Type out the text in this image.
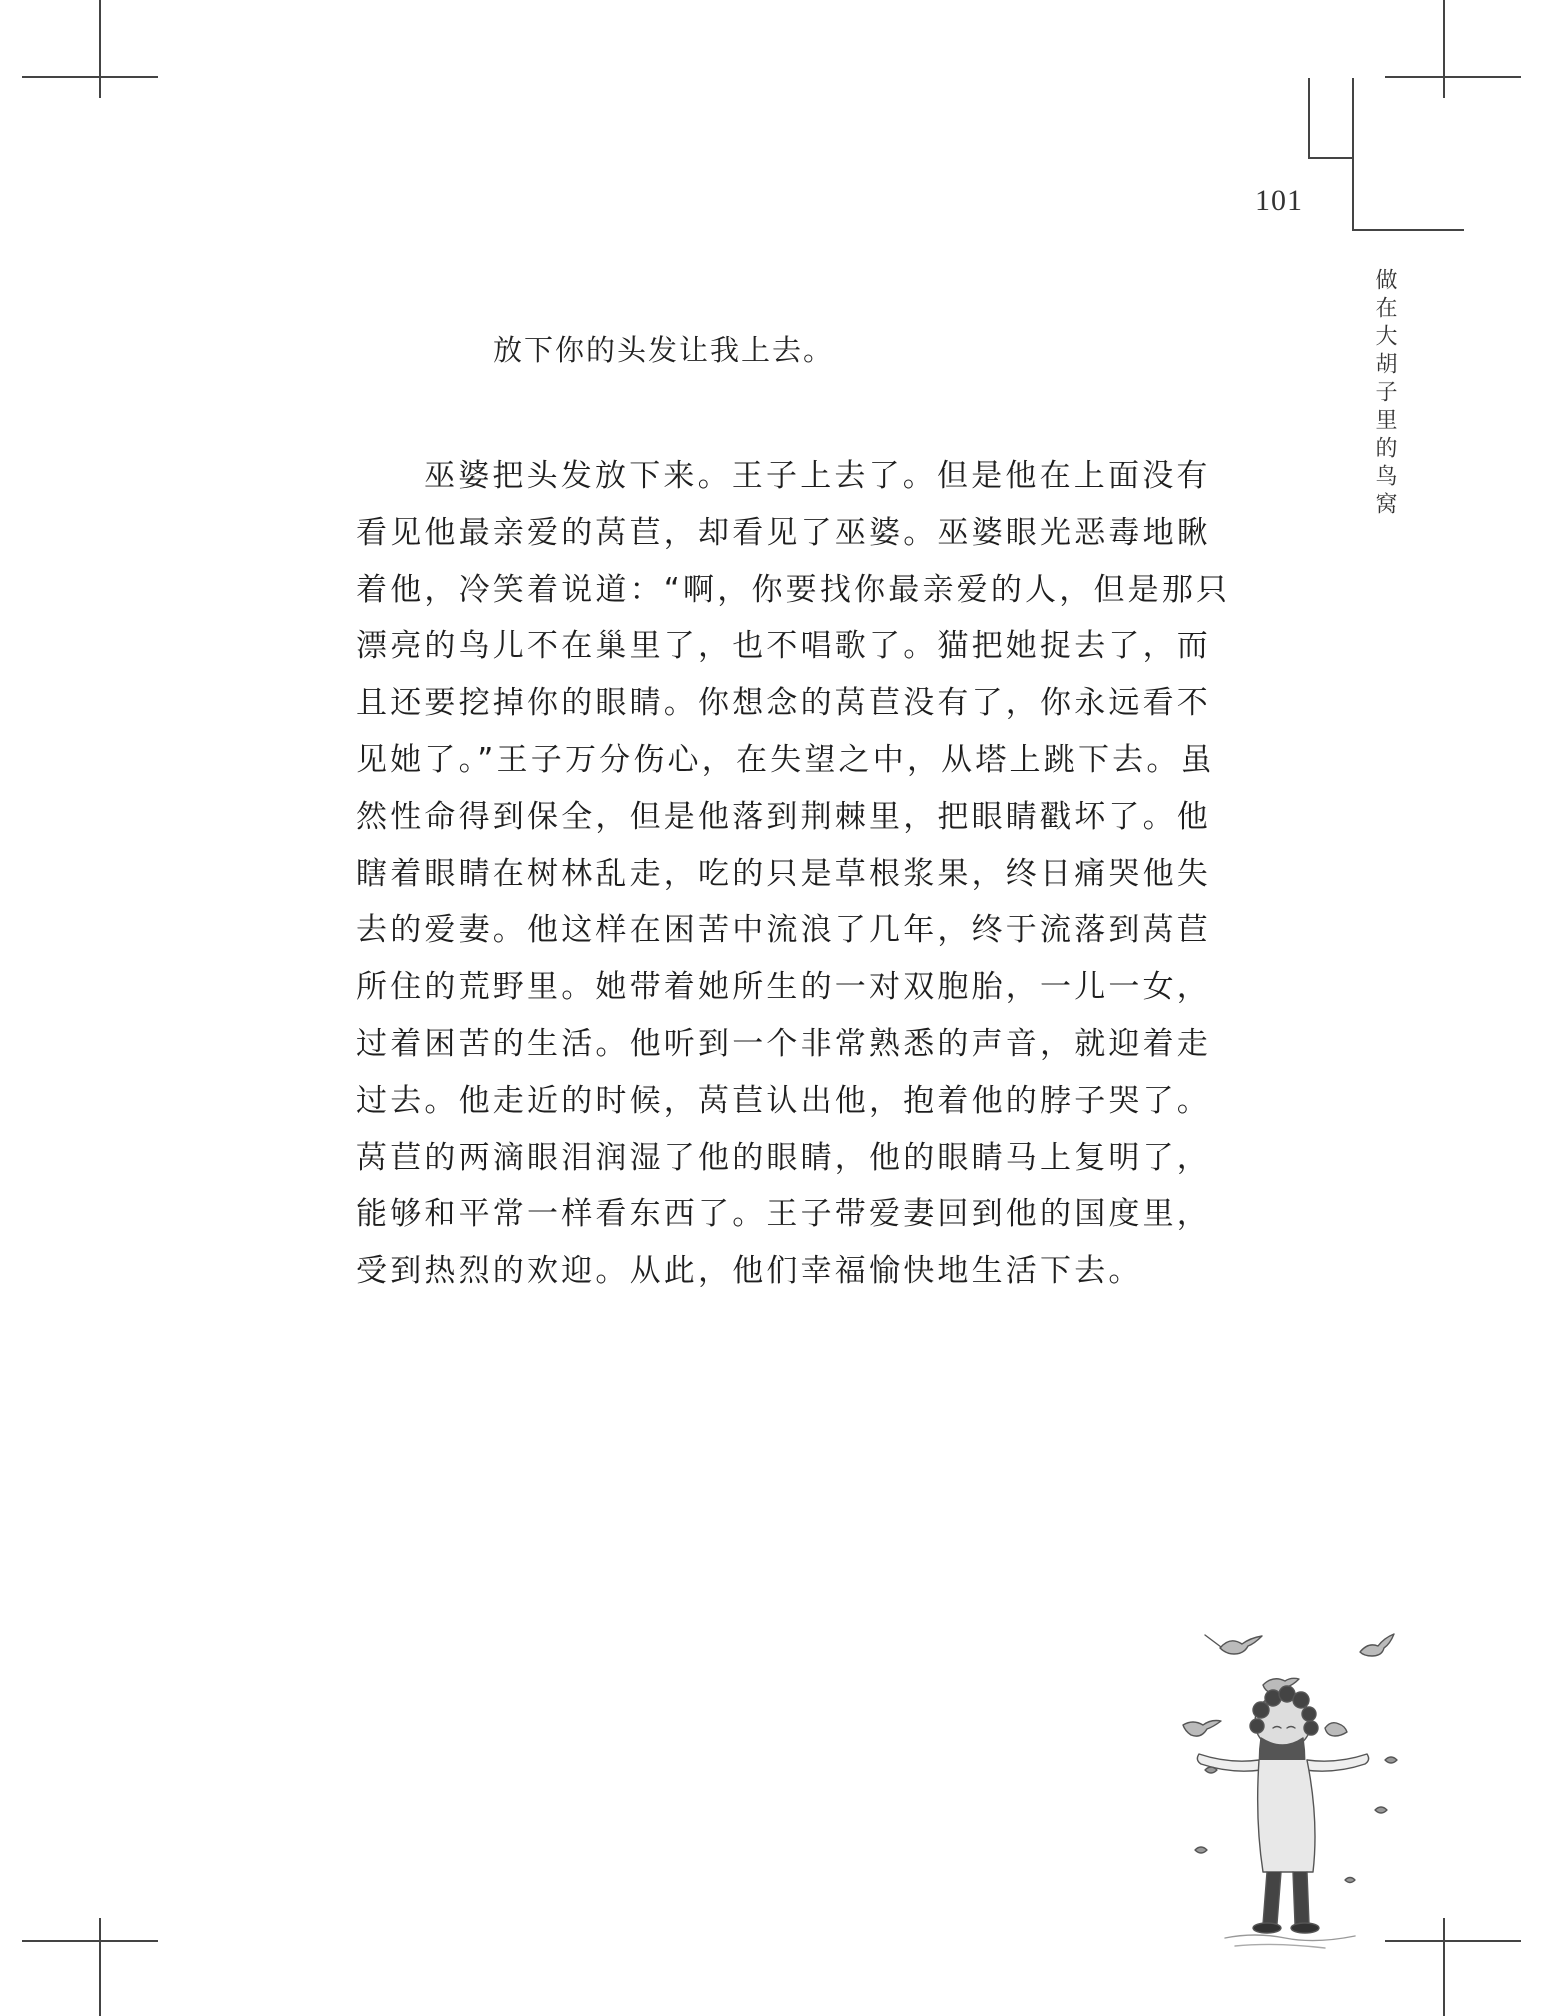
101
做在大胡子里的鸟窝
放下你的头发让我上去。
巫婆把头发放下来。王子上去了。但是他在上面没有
看见他最亲爱的莴苣，却看见了巫婆。巫婆眼光恶毒地瞅
着他，冷笑着说道：“啊，你要找你最亲爱的人，但是那只
漂亮的鸟儿不在巢里了，也不唱歌了。猫把她捉去了，而
且还要挖掉你的眼睛。你想念的莴苣没有了，你永远看不
见她了。”王子万分伤心，在失望之中，从塔上跳下去。虽
然性命得到保全，但是他落到荆棘里，把眼睛戳坏了。他
瞎着眼睛在树林乱走，吃的只是草根浆果，终日痛哭他失
去的爱妻。他这样在困苦中流浪了几年，终于流落到莴苣
所住的荒野里。她带着她所生的一对双胞胎，一儿一女，
过着困苦的生活。他听到一个非常熟悉的声音，就迎着走
过去。他走近的时候，莴苣认出他，抱着他的脖子哭了。
莴苣的两滴眼泪润湿了他的眼睛，他的眼睛马上复明了，
能够和平常一样看东西了。王子带爱妻回到他的国度里，
受到热烈的欢迎。从此，他们幸福愉快地生活下去。
